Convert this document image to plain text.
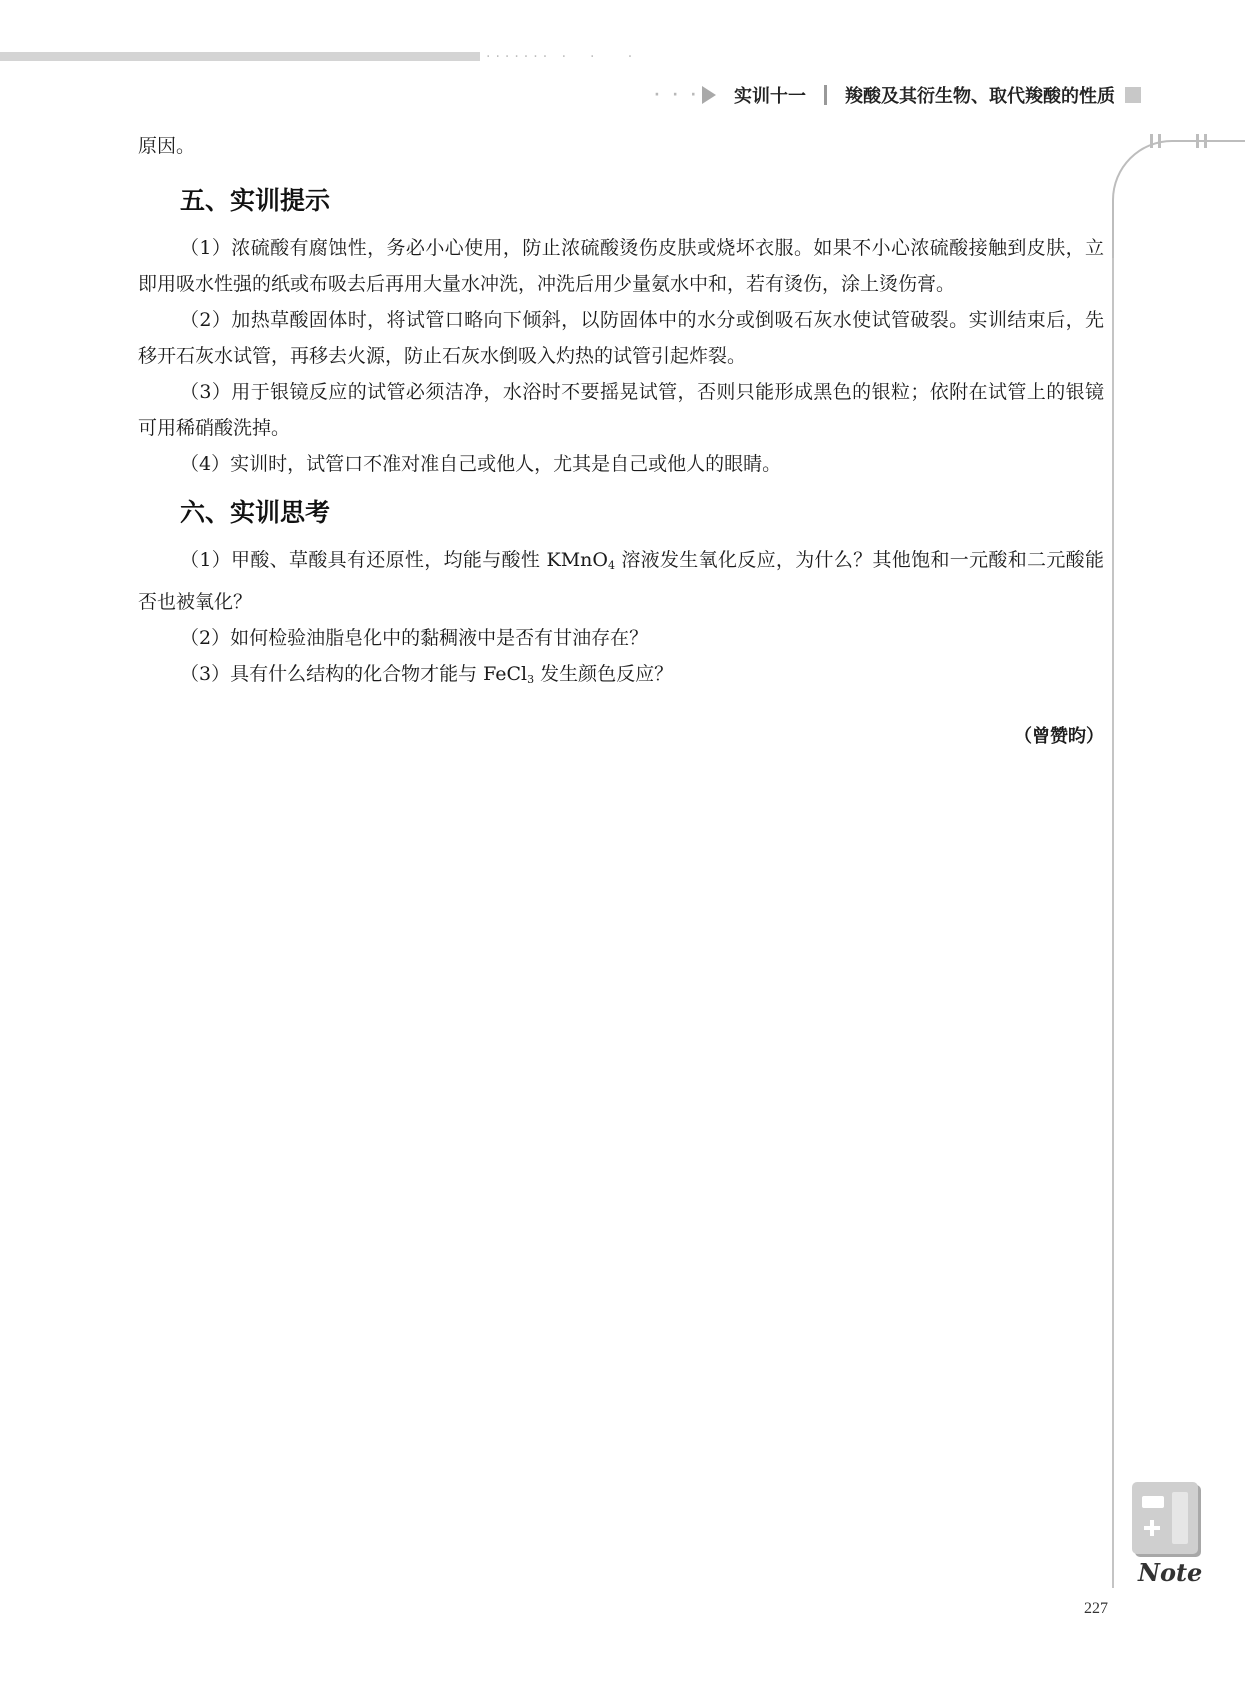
······· ·  ·   ·
· · · 实训十一 羧酸及其衍生物、取代羧酸的性质

原因。

五、实训提示

（1）浓硫酸有腐蚀性，务必小心使用，防止浓硫酸烫伤皮肤或烧坏衣服。如果不小心浓硫酸接触到皮肤，立即用吸水性强的纸或布吸去后再用大量水冲洗，冲洗后用少量氨水中和，若有烫伤，涂上烫伤膏。

（2）加热草酸固体时，将试管口略向下倾斜，以防固体中的水分或倒吸石灰水使试管破裂。实训结束后，先移开石灰水试管，再移去火源，防止石灰水倒吸入灼热的试管引起炸裂。

（3）用于银镜反应的试管必须洁净，水浴时不要摇晃试管，否则只能形成黑色的银粒；依附在试管上的银镜可用稀硝酸洗掉。

（4）实训时，试管口不准对准自己或他人，尤其是自己或他人的眼睛。

六、实训思考

（1）甲酸、草酸具有还原性，均能与酸性 KMnO$_4$ 溶液发生氧化反应，为什么？其他饱和一元酸和二元酸能否也被氧化？

（2）如何检验油脂皂化中的黏稠液中是否有甘油存在？

（3）具有什么结构的化合物才能与 FeCl$_3$ 发生颜色反应？

（曾赞昀）
Note
227
